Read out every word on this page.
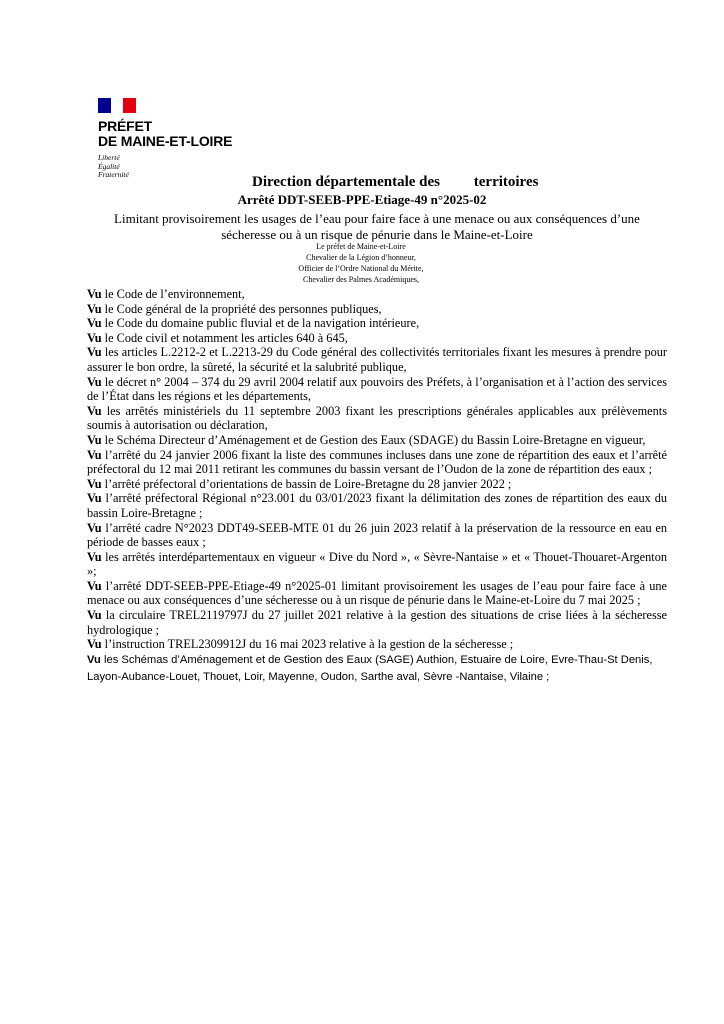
PRÉFET
DE MAINE-ET-LOIRE
Liberté
Égalité
Fraternité	Direction départementale des         territoires
Arrêté DDT-SEEB-PPE-Etiage-49 n°2025-02
Limitant provisoirement les usages de l’eau pour faire face à une menace ou aux conséquences d’une sécheresse ou à un risque de pénurie dans le Maine-et-Loire
Le préfet de Maine-et-Loire
Chevalier de la Légion d’honneur,
Officier de l’Ordre National du Mérite,
Chevalier des Palmes Académiques,
Vu le Code de l’environnement,
Vu le Code général de la propriété des personnes publiques,
Vu le Code du domaine public fluvial et de la navigation intérieure,
Vu le Code civil et notamment les articles 640 à 645,
Vu les articles L.2212-2 et L.2213-29 du Code général des collectivités territoriales fixant les mesures à prendre pour assurer le bon ordre, la sûreté, la sécurité et la salubrité publique,
Vu le décret n° 2004 – 374 du 29 avril 2004 relatif aux pouvoirs des Préfets, à l’organisation et à l’action des services de l’État dans les régions et les départements,
Vu les arrêtés ministériels du 11 septembre 2003 fixant les prescriptions générales applicables aux prélèvements soumis à autorisation ou déclaration,
Vu le Schéma Directeur d’Aménagement et de Gestion des Eaux (SDAGE) du Bassin Loire-Bretagne en vigueur,
Vu l’arrêté du 24 janvier 2006 fixant la liste des communes incluses dans une zone de répartition des eaux et l’arrêté préfectoral du 12 mai 2011 retirant les communes du bassin versant de l’Oudon de la zone de répartition des eaux ;
Vu l’arrêté préfectoral d’orientations de bassin de Loire-Bretagne du 28 janvier 2022 ;
Vu l’arrêté préfectoral Régional n°23.001 du 03/01/2023 fixant la délimitation des zones de répartition des eaux du bassin Loire-Bretagne ;
Vu l’arrêté cadre N°2023 DDT49-SEEB-MTE 01 du 26 juin 2023 relatif à la préservation de la ressource en eau en période de basses eaux ;
Vu les arrêtés interdépartementaux en vigueur « Dive du Nord », « Sèvre-Nantaise » et « Thouet-Thouaret-Argenton »;
Vu l’arrêté DDT-SEEB-PPE-Etiage-49 n°2025-01 limitant provisoirement les usages de l’eau pour faire face à une menace ou aux conséquences d’une sécheresse ou à un risque de pénurie dans le Maine-et-Loire du 7 mai 2025 ;
Vu la circulaire TREL2119797J du 27 juillet 2021 relative à la gestion des situations de crise liées à la sécheresse hydrologique ;
Vu l’instruction TREL2309912J du 16 mai 2023 relative à la gestion de la sécheresse ;
Vu les Schémas d’Aménagement et de Gestion des Eaux (SAGE) Authion, Estuaire de Loire, Evre-Thau-St Denis, Layon-Aubance-Louet, Thouet, Loir, Mayenne, Oudon, Sarthe aval, Sèvre -Nantaise, Vilaine ;
